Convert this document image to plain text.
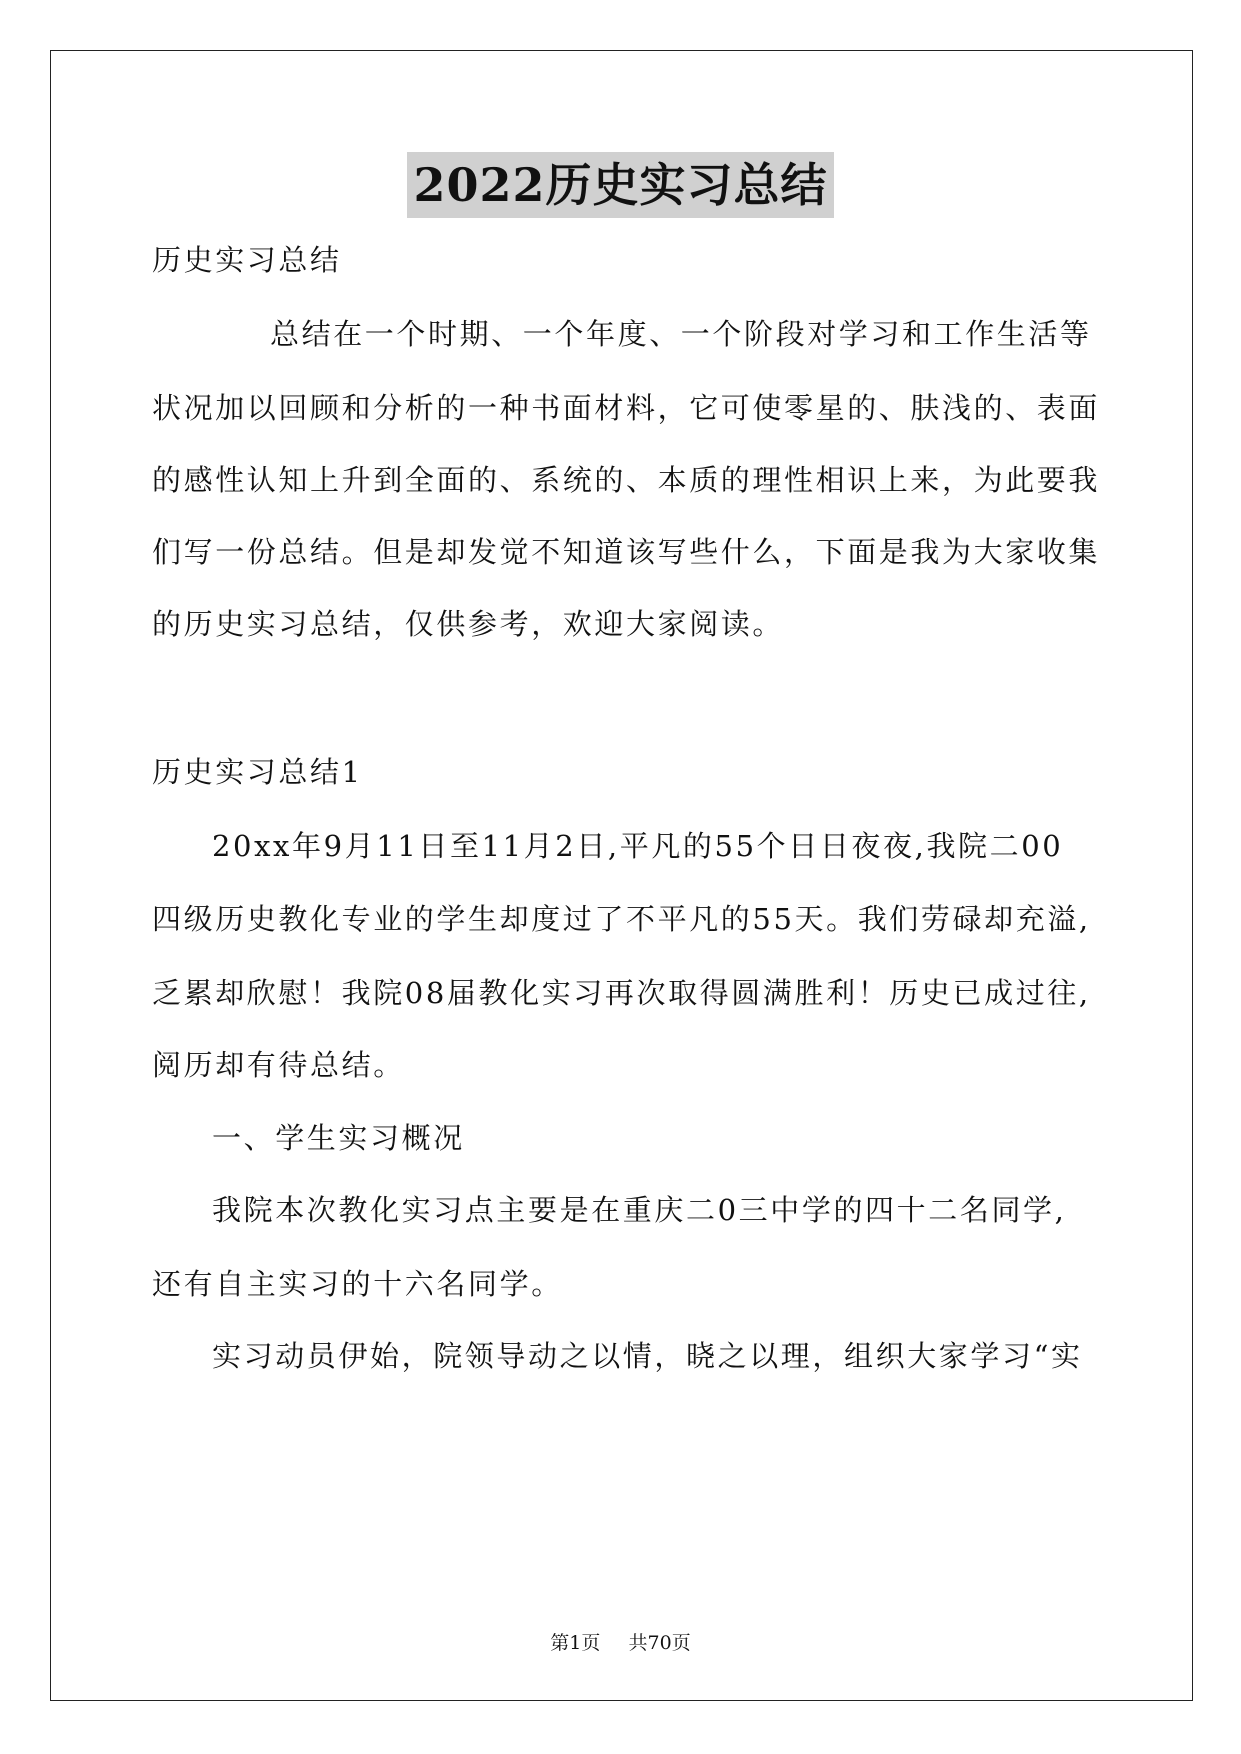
2022历史实习总结
历史实习总结
总结在一个时期、一个年度、一个阶段对学习和工作生活等
状况加以回顾和分析的一种书面材料，它可使零星的、肤浅的、表面
的感性认知上升到全面的、系统的、本质的理性相识上来，为此要我
们写一份总结。但是却发觉不知道该写些什么，下面是我为大家收集
的历史实习总结，仅供参考，欢迎大家阅读。
历史实习总结1
20xx年9月11日至11月2日,平凡的55个日日夜夜,我院二00
四级历史教化专业的学生却度过了不平凡的55天。我们劳碌却充溢,
乏累却欣慰！我院08届教化实习再次取得圆满胜利！历史已成过往,
阅历却有待总结。
一、学生实习概况
我院本次教化实习点主要是在重庆二0三中学的四十二名同学,
还有自主实习的十六名同学。
实习动员伊始，院领导动之以情，晓之以理，组织大家学习“实
第1页 共70页
